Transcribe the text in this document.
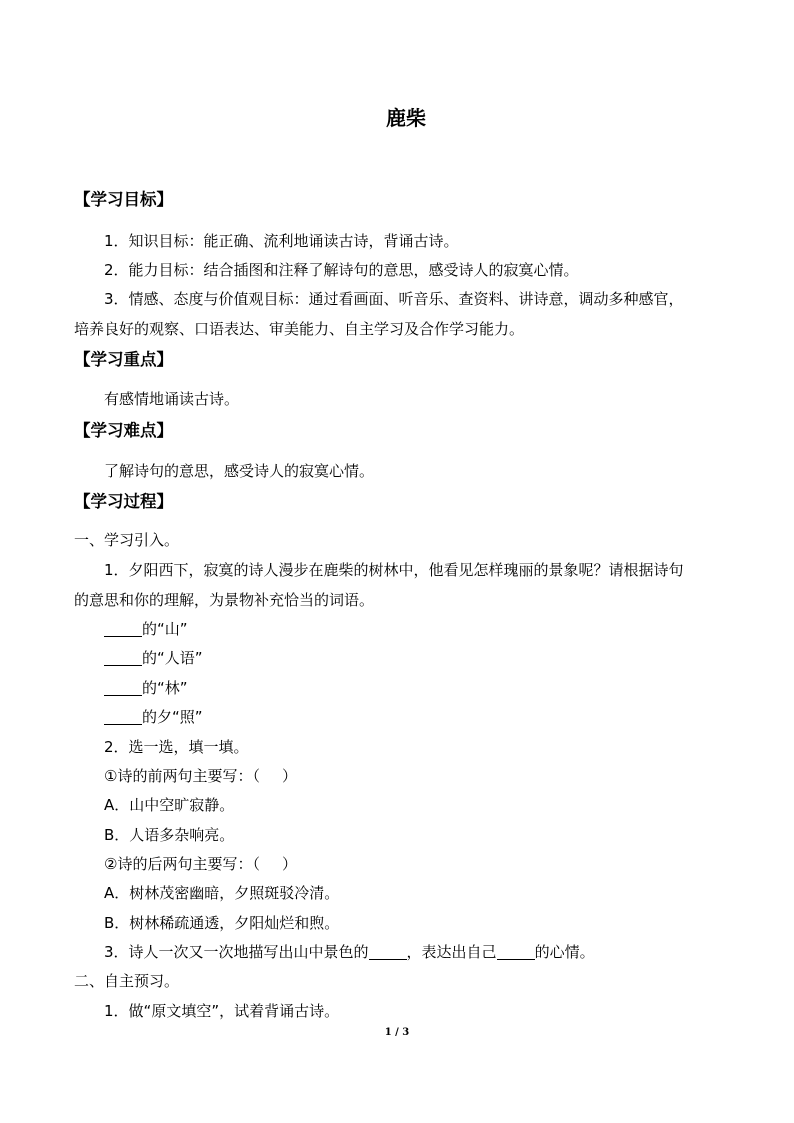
鹿柴
【学习目标】
1．知识目标：能正确、流利地诵读古诗，背诵古诗。
2．能力目标：结合插图和注释了解诗句的意思，感受诗人的寂寞心情。
3．情感、态度与价值观目标：通过看画面、听音乐、查资料、讲诗意，调动多种感官，
培养良好的观察、口语表达、审美能力、自主学习及合作学习能力。
【学习重点】
有感情地诵读古诗。
【学习难点】
了解诗句的意思，感受诗人的寂寞心情。
【学习过程】
一、学习引入。
1．夕阳西下，寂寞的诗人漫步在鹿柴的树林中，他看见怎样瑰丽的景象呢？请根据诗句
的意思和你的理解，为景物补充恰当的词语。
的“山”
的“人语”
的“林”
的夕“照”
2．选一选，填一填。
①诗的前两句主要写：（ ）
A．山中空旷寂静。
B．人语多杂响亮。
②诗的后两句主要写：（ ）
A．树林茂密幽暗，夕照斑驳冷清。
B．树林稀疏通透，夕阳灿烂和煦。
3．诗人一次又一次地描写出山中景色的	，表达出自己	的心情。
二、自主预习。
1．做“原文填空”，试着背诵古诗。
1 / 3
